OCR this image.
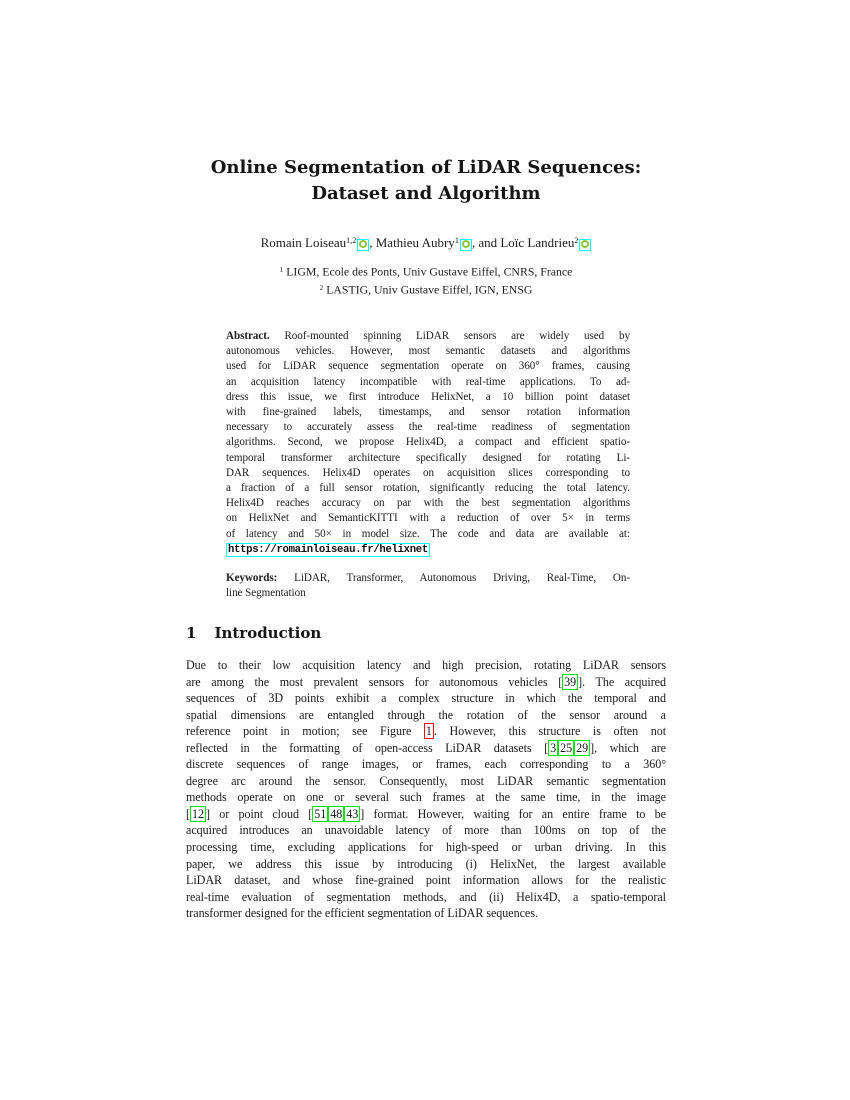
Online Segmentation of LiDAR Sequences:
Dataset and Algorithm
Romain Loiseau$^{1,2}$ , Mathieu Aubry$^1$ , and Loïc Landrieu$^2$
$^1$ LIGM, Ecole des Ponts, Univ Gustave Eiffel, CNRS, France
$^2$ LASTIG, Univ Gustave Eiffel, IGN, ENSG
Abstract. Roof-mounted spinning LiDAR sensors are widely used by
autonomous vehicles. However, most semantic datasets and algorithms
used for LiDAR sequence segmentation operate on 360° frames, causing
an acquisition latency incompatible with real-time applications. To ad-
dress this issue, we first introduce HelixNet, a 10 billion point dataset
with fine-grained labels, timestamps, and sensor rotation information
necessary to accurately assess the real-time readiness of segmentation
algorithms. Second, we propose Helix4D, a compact and efficient spatio-
temporal transformer architecture specifically designed for rotating Li-
DAR sequences. Helix4D operates on acquisition slices corresponding to
a fraction of a full sensor rotation, significantly reducing the total latency.
Helix4D reaches accuracy on par with the best segmentation algorithms
on HelixNet and SemanticKITTI with a reduction of over 5× in terms
of latency and 50× in model size. The code and data are available at:
https://romainloiseau.fr/helixnet
Keywords: LiDAR, Transformer, Autonomous Driving, Real-Time, On-
line Segmentation
1 Introduction
Due to their low acquisition latency and high precision, rotating LiDAR sensors
are among the most prevalent sensors for autonomous vehicles [ 39 ]. The acquired
sequences of 3D points exhibit a complex structure in which the temporal and
spatial dimensions are entangled through the rotation of the sensor around a
reference point in motion; see Figure 1 . However, this structure is often not
reflected in the formatting of open-access LiDAR datasets [ 3 25 29 ], which are
discrete sequences of range images, or frames, each corresponding to a 360°
degree arc around the sensor. Consequently, most LiDAR semantic segmentation
methods operate on one or several such frames at the same time, in the image
[ 12 ] or point cloud [ 51 48 43 ] format. However, waiting for an entire frame to be
acquired introduces an unavoidable latency of more than 100ms on top of the
processing time, excluding applications for high-speed or urban driving. In this
paper, we address this issue by introducing (i) HelixNet, the largest available
LiDAR dataset, and whose fine-grained point information allows for the realistic
real-time evaluation of segmentation methods, and (ii) Helix4D, a spatio-temporal
transformer designed for the efficient segmentation of LiDAR sequences.
